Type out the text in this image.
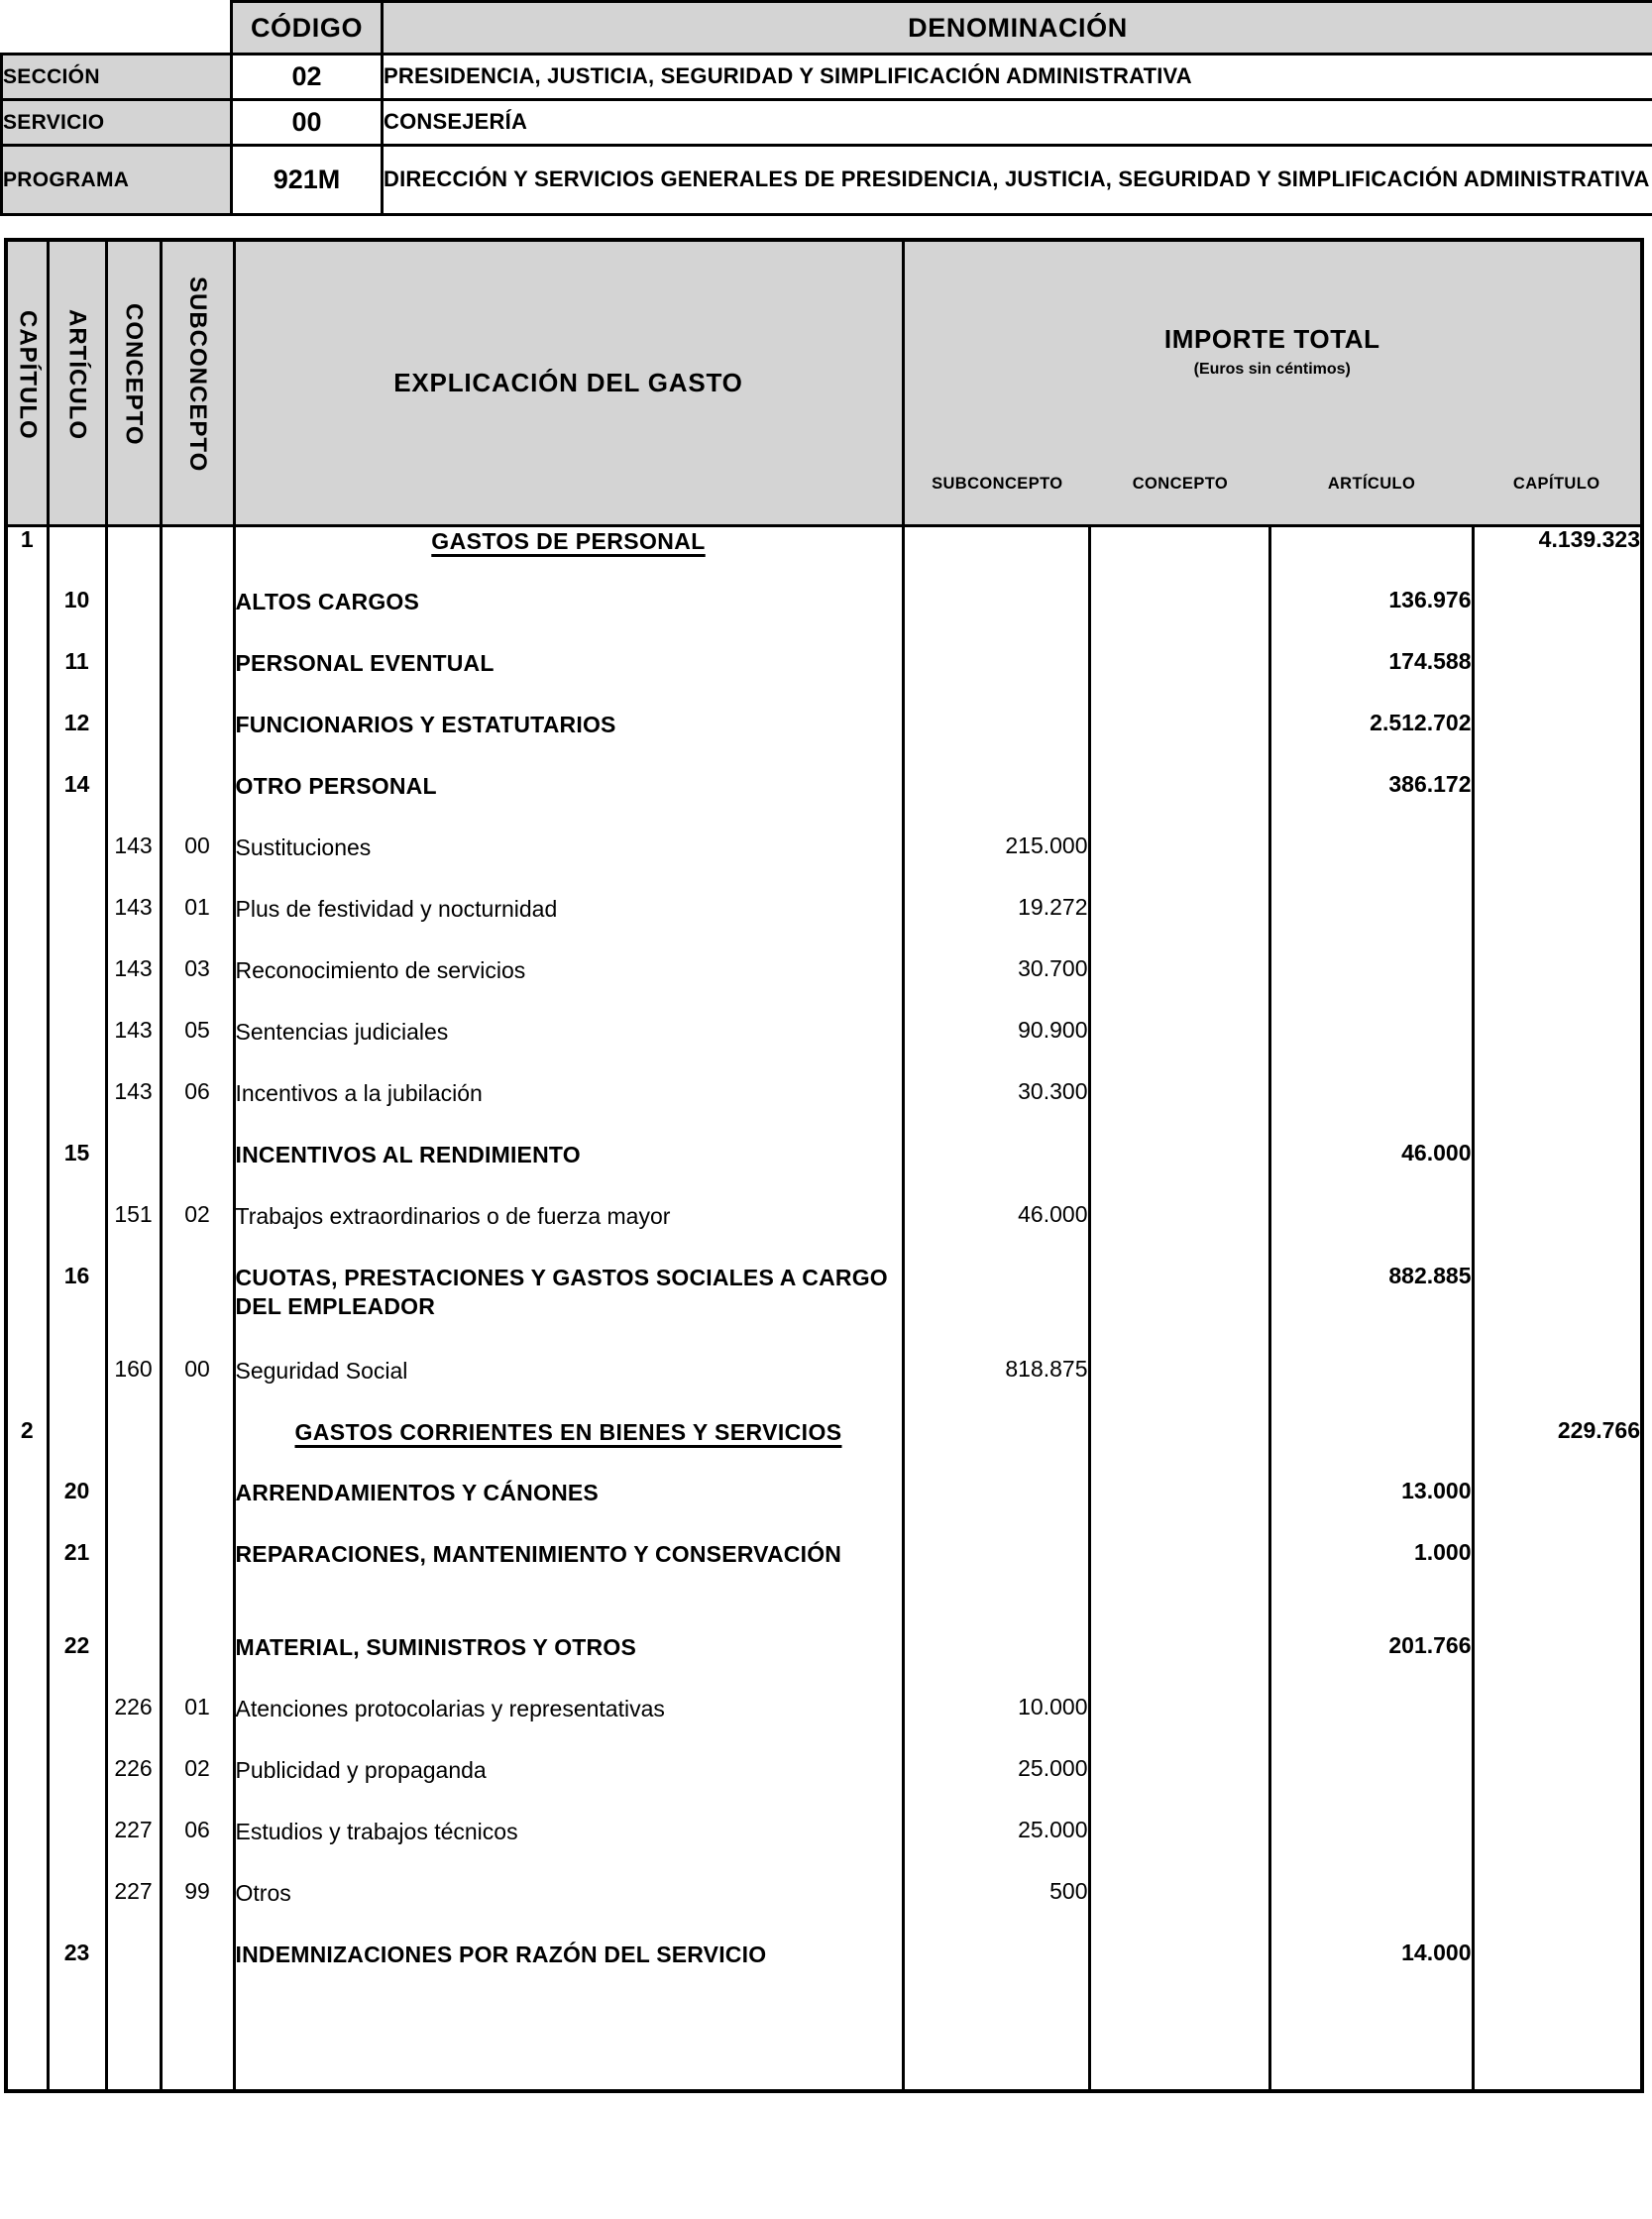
	CÓDIGO	DENOMINACIÓN
SECCIÓN	02	PRESIDENCIA, JUSTICIA, SEGURIDAD Y SIMPLIFICACIÓN ADMINISTRATIVA
SERVICIO	00	CONSEJERÍA
PROGRAMA	921M	DIRECCIÓN Y SERVICIOS GENERALES DE PRESIDENCIA, JUSTICIA, SEGURIDAD Y SIMPLIFICACIÓN ADMINISTRATIVA
CAPÍTULO	ARTÍCULO	CONCEPTO	SUBCONCEPTO	EXPLICACIÓN DEL GASTO

IMPORTE TOTAL
(Euros sin céntimos)
SUBCONCEPTO	CONCEPTO	ARTÍCULO	CAPÍTULO

1				GASTOS DE PERSONAL				4.139.323
	10			ALTOS CARGOS			136.976	
	11			PERSONAL EVENTUAL			174.588	
	12			FUNCIONARIOS Y ESTATUTARIOS			2.512.702	
	14			OTRO PERSONAL			386.172	
		143	00	Sustituciones	215.000			
		143	01	Plus de festividad y nocturnidad	19.272			
		143	03	Reconocimiento de servicios	30.700			
		143	05	Sentencias judiciales	90.900			
		143	06	Incentivos a la jubilación	30.300			
	15			INCENTIVOS AL RENDIMIENTO			46.000	
		151	02	Trabajos extraordinarios o de fuerza mayor	46.000			
	16			CUOTAS, PRESTACIONES Y GASTOS SOCIALES A CARGO DEL EMPLEADOR			882.885	
		160	00	Seguridad Social	818.875			
2				GASTOS CORRIENTES EN BIENES Y SERVICIOS				229.766
	20			ARRENDAMIENTOS Y CÁNONES			13.000	
	21			REPARACIONES, MANTENIMIENTO Y CONSERVACIÓN			1.000	
	22			MATERIAL, SUMINISTROS Y OTROS			201.766	
		226	01	Atenciones protocolarias y representativas	10.000			
		226	02	Publicidad y propaganda	25.000			
		227	06	Estudios y trabajos técnicos	25.000			
		227	99	Otros	500			
	23			INDEMNIZACIONES POR RAZÓN DEL SERVICIO			14.000	
